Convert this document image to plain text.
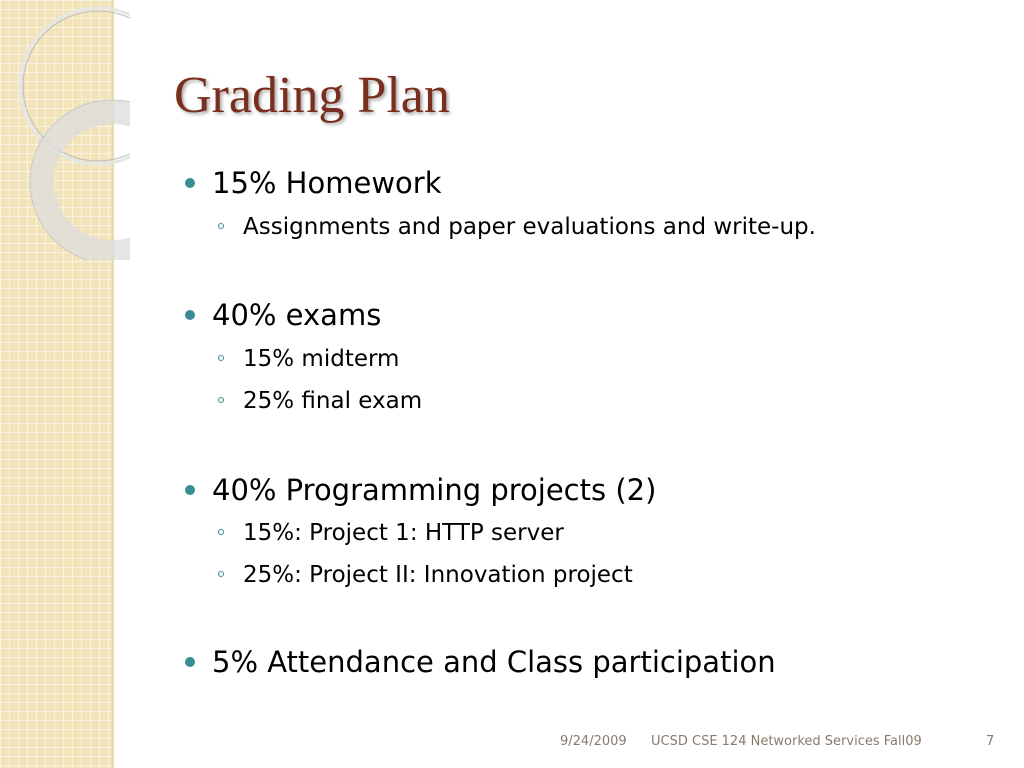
Grading Plan
15% Homework
Assignments and paper evaluations and write-up.
40% exams
15% midterm
25% final exam
40% Programming projects (2)
15%: Project 1: HTTP server
25%: Project II: Innovation project
5% Attendance and Class participation
9/24/2009 UCSD CSE 124 Networked Services Fall09	7
